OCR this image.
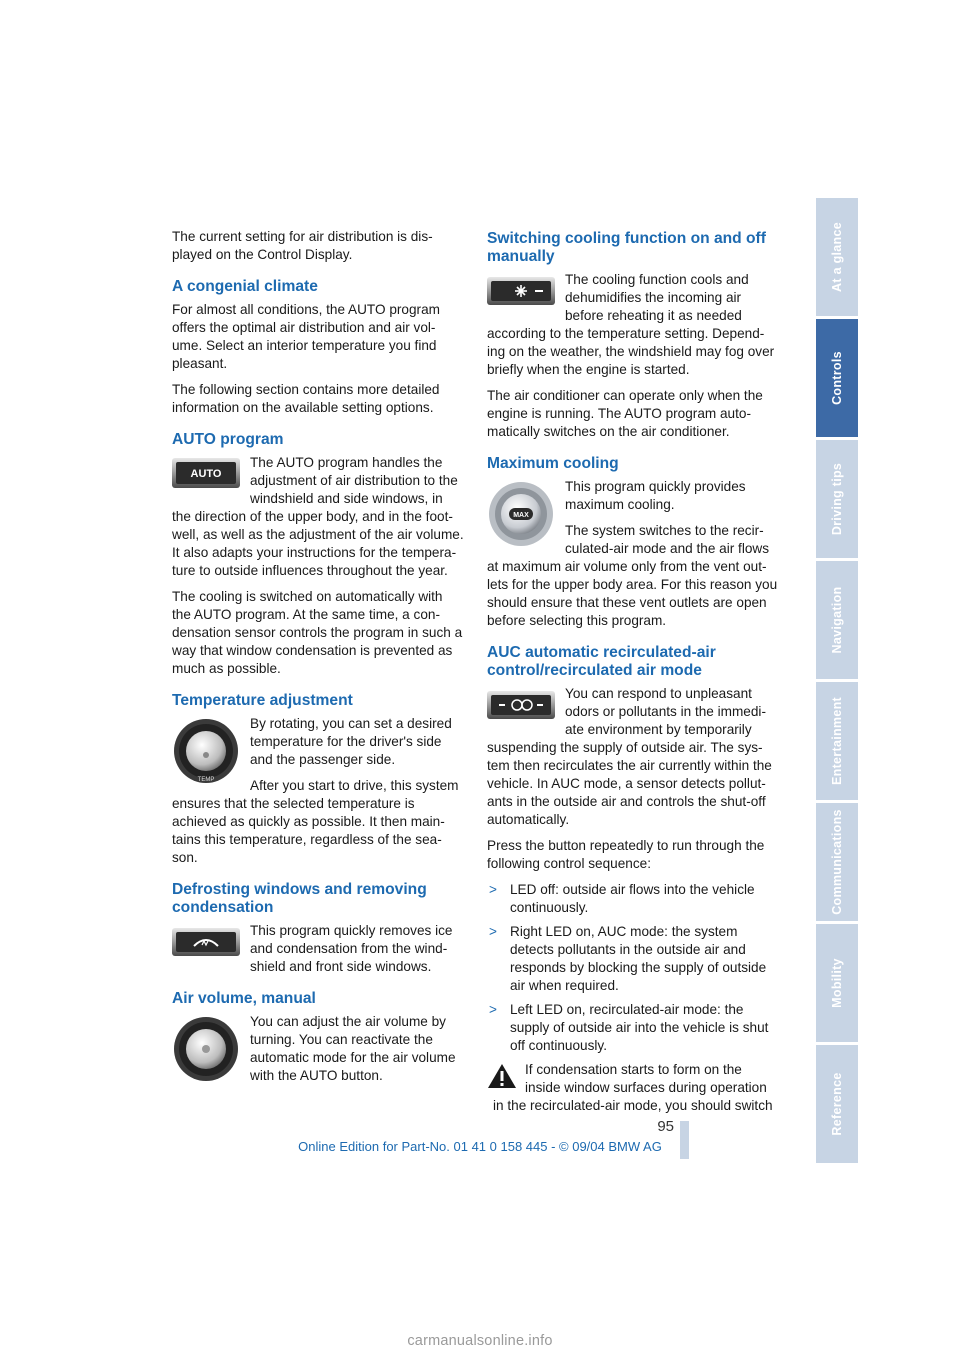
At a glance
Controls
Driving tips
Navigation
Entertainment
Communications
Mobility
Reference

The current setting for air distribution is dis-played on the Control Display.

A congenial climate

For almost all conditions, the AUTO program offers the optimal air distribution and air vol-ume. Select an interior temperature you find pleasant.

The following section contains more detailed information on the available setting options.

AUTO program
AUTO

The AUTO program handles the adjustment of air distribution to the windshield and side windows, in the direction of the upper body, and in the foot-well, as well as the adjustment of the air volume. It also adapts your instructions for the tempera-ture to outside influences throughout the year.

The cooling is switched on automatically with the AUTO program. At the same time, a con-densation sensor controls the program in such a way that window condensation is prevented as much as possible.

Temperature adjustment
TEMP

By rotating, you can set a desired temperature for the driver's side and the passenger side.

After you start to drive, this system ensures that the selected temperature is achieved as quickly as possible. It then main-tains this temperature, regardless of the sea-son.

Defrosting windows and removing condensation

This program quickly removes ice and condensation from the wind-shield and front side windows.

Air volume, manual

You can adjust the air volume by turning. You can reactivate the automatic mode for the air volume with the AUTO button.

Switching cooling function on and off manually

The cooling function cools and dehumidifies the incoming air before reheating it as needed according to the temperature setting. Depend-ing on the weather, the windshield may fog over briefly when the engine is started.

The air conditioner can operate only when the engine is running. The AUTO program auto-matically switches on the air conditioner.

Maximum cooling
MAX

This program quickly provides maximum cooling.

The system switches to the recir-culated-air mode and the air flows at maximum air volume only from the vent out-lets for the upper body area. For this reason you should ensure that these vent outlets are open before selecting this program.

AUC automatic recirculated-air control/recirculated air mode

You can respond to unpleasant odors or pollutants in the immedi-ate environment by temporarily suspending the supply of outside air. The sys-tem then recirculates the air currently within the vehicle. In AUC mode, a sensor detects pollut-ants in the outside air and controls the shut-off automatically.

Press the button repeatedly to run through the following control sequence:

> LED off: outside air flows into the vehicle continuously.
> Right LED on, AUC mode: the system detects pollutants in the outside air and responds by blocking the supply of outside air when required.
> Left LED on, recirculated-air mode: the supply of outside air into the vehicle is shut off continuously.

If condensation starts to form on the inside window surfaces during operation in the recirculated-air mode, you should switch

95
Online Edition for Part-No. 01 41 0 158 445 - © 09/04 BMW AG
carmanualsonline.info
